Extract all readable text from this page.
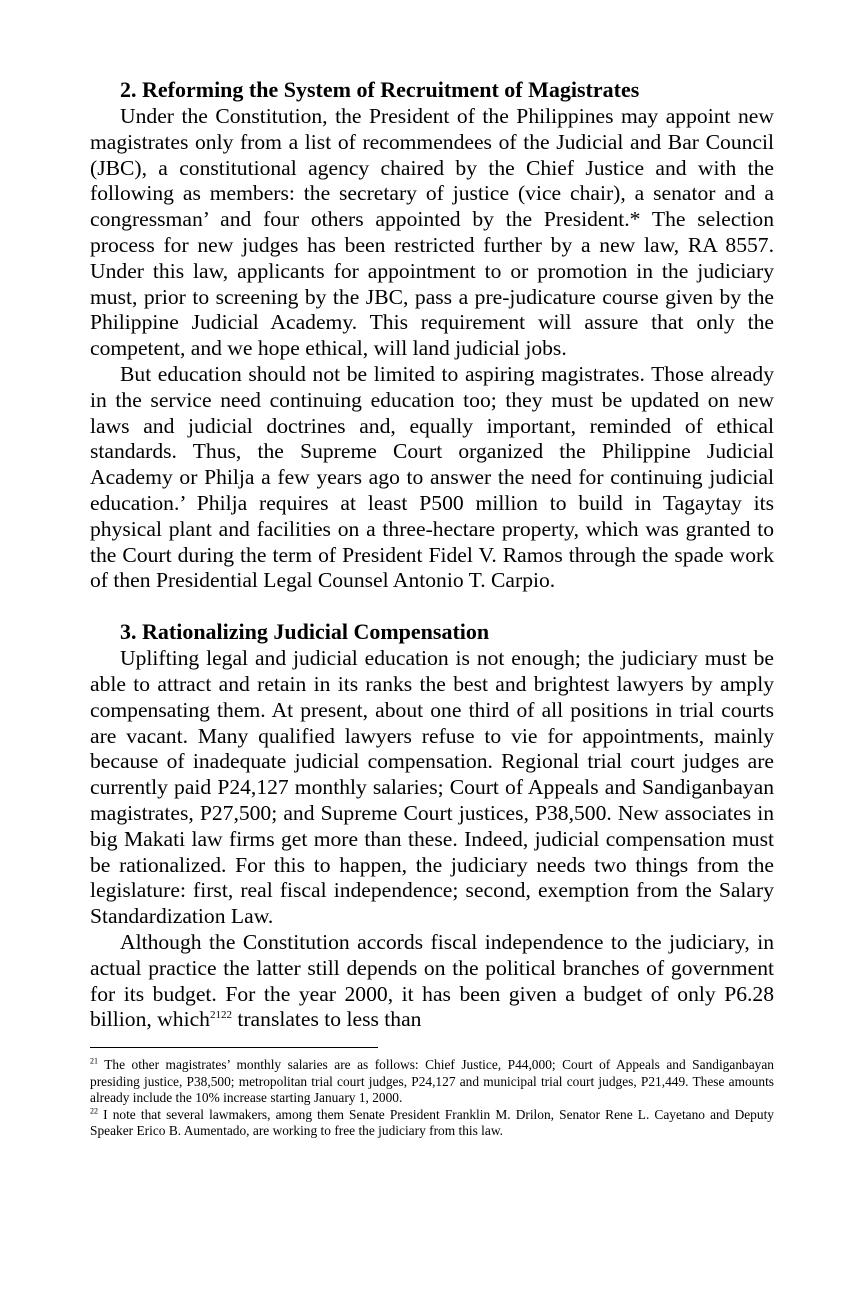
2. Reforming the System of Recruitment of Magistrates

Under the Constitution, the President of the Philippines may appoint new magistrates only from a list of recommendees of the Judicial and Bar Council (JBC), a constitutional agency chaired by the Chief Justice and with the following as members: the secretary of justice (vice chair), a senator and a congressman’ and four others appointed by the President.* The selection process for new judges has been restricted further by a new law, RA 8557. Under this law, applicants for appointment to or promotion in the judiciary must, prior to screening by the JBC, pass a pre-judicature course given by the Philippine Judicial Academy. This requirement will assure that only the competent, and we hope ethical, will land judicial jobs.

But education should not be limited to aspiring magistrates. Those already in the service need continuing education too; they must be updated on new laws and judicial doctrines and, equally important, reminded of ethical standards. Thus, the Supreme Court organized the Philippine Judicial Academy or Philja a few years ago to answer the need for continuing judicial education.’ Philja requires at least P500 million to build in Tagaytay its physical plant and facilities on a three-hectare property, which was granted to the Court during the term of President Fidel V. Ramos through the spade work of then Presidential Legal Counsel Antonio T. Carpio.

3. Rationalizing Judicial Compensation

Uplifting legal and judicial education is not enough; the judiciary must be able to attract and retain in its ranks the best and brightest lawyers by amply compensating them. At present, about one third of all positions in trial courts are vacant. Many qualified lawyers refuse to vie for appointments, mainly because of inadequate judicial compensation. Regional trial court judges are currently paid P24,127 monthly salaries; Court of Appeals and Sandiganbayan magistrates, P27,500; and Supreme Court justices, P38,500. New associates in big Makati law firms get more than these. Indeed, judicial compensation must be rationalized. For this to happen, the judiciary needs two things from the legislature: first, real fiscal independence; second, exemption from the Salary Standardization Law.

Although the Constitution accords fiscal independence to the judiciary, in actual practice the latter still depends on the political branches of government for its budget. For the year 2000, it has been given a budget of only P6.28 billion, which$^{2122}$ translates to less than

$^{21}$ The other magistrates’ monthly salaries are as follows: Chief Justice, P44,000; Court of Appeals and Sandiganbayan presiding justice, P38,500; metropolitan trial court judges, P24,127 and municipal trial court judges, P21,449. These amounts already include the 10% increase starting January 1, 2000.

$^{22}$ I note that several lawmakers, among them Senate President Franklin M. Drilon, Senator Rene L. Cayetano and Deputy Speaker Erico B. Aumentado, are working to free the judiciary from this law.
